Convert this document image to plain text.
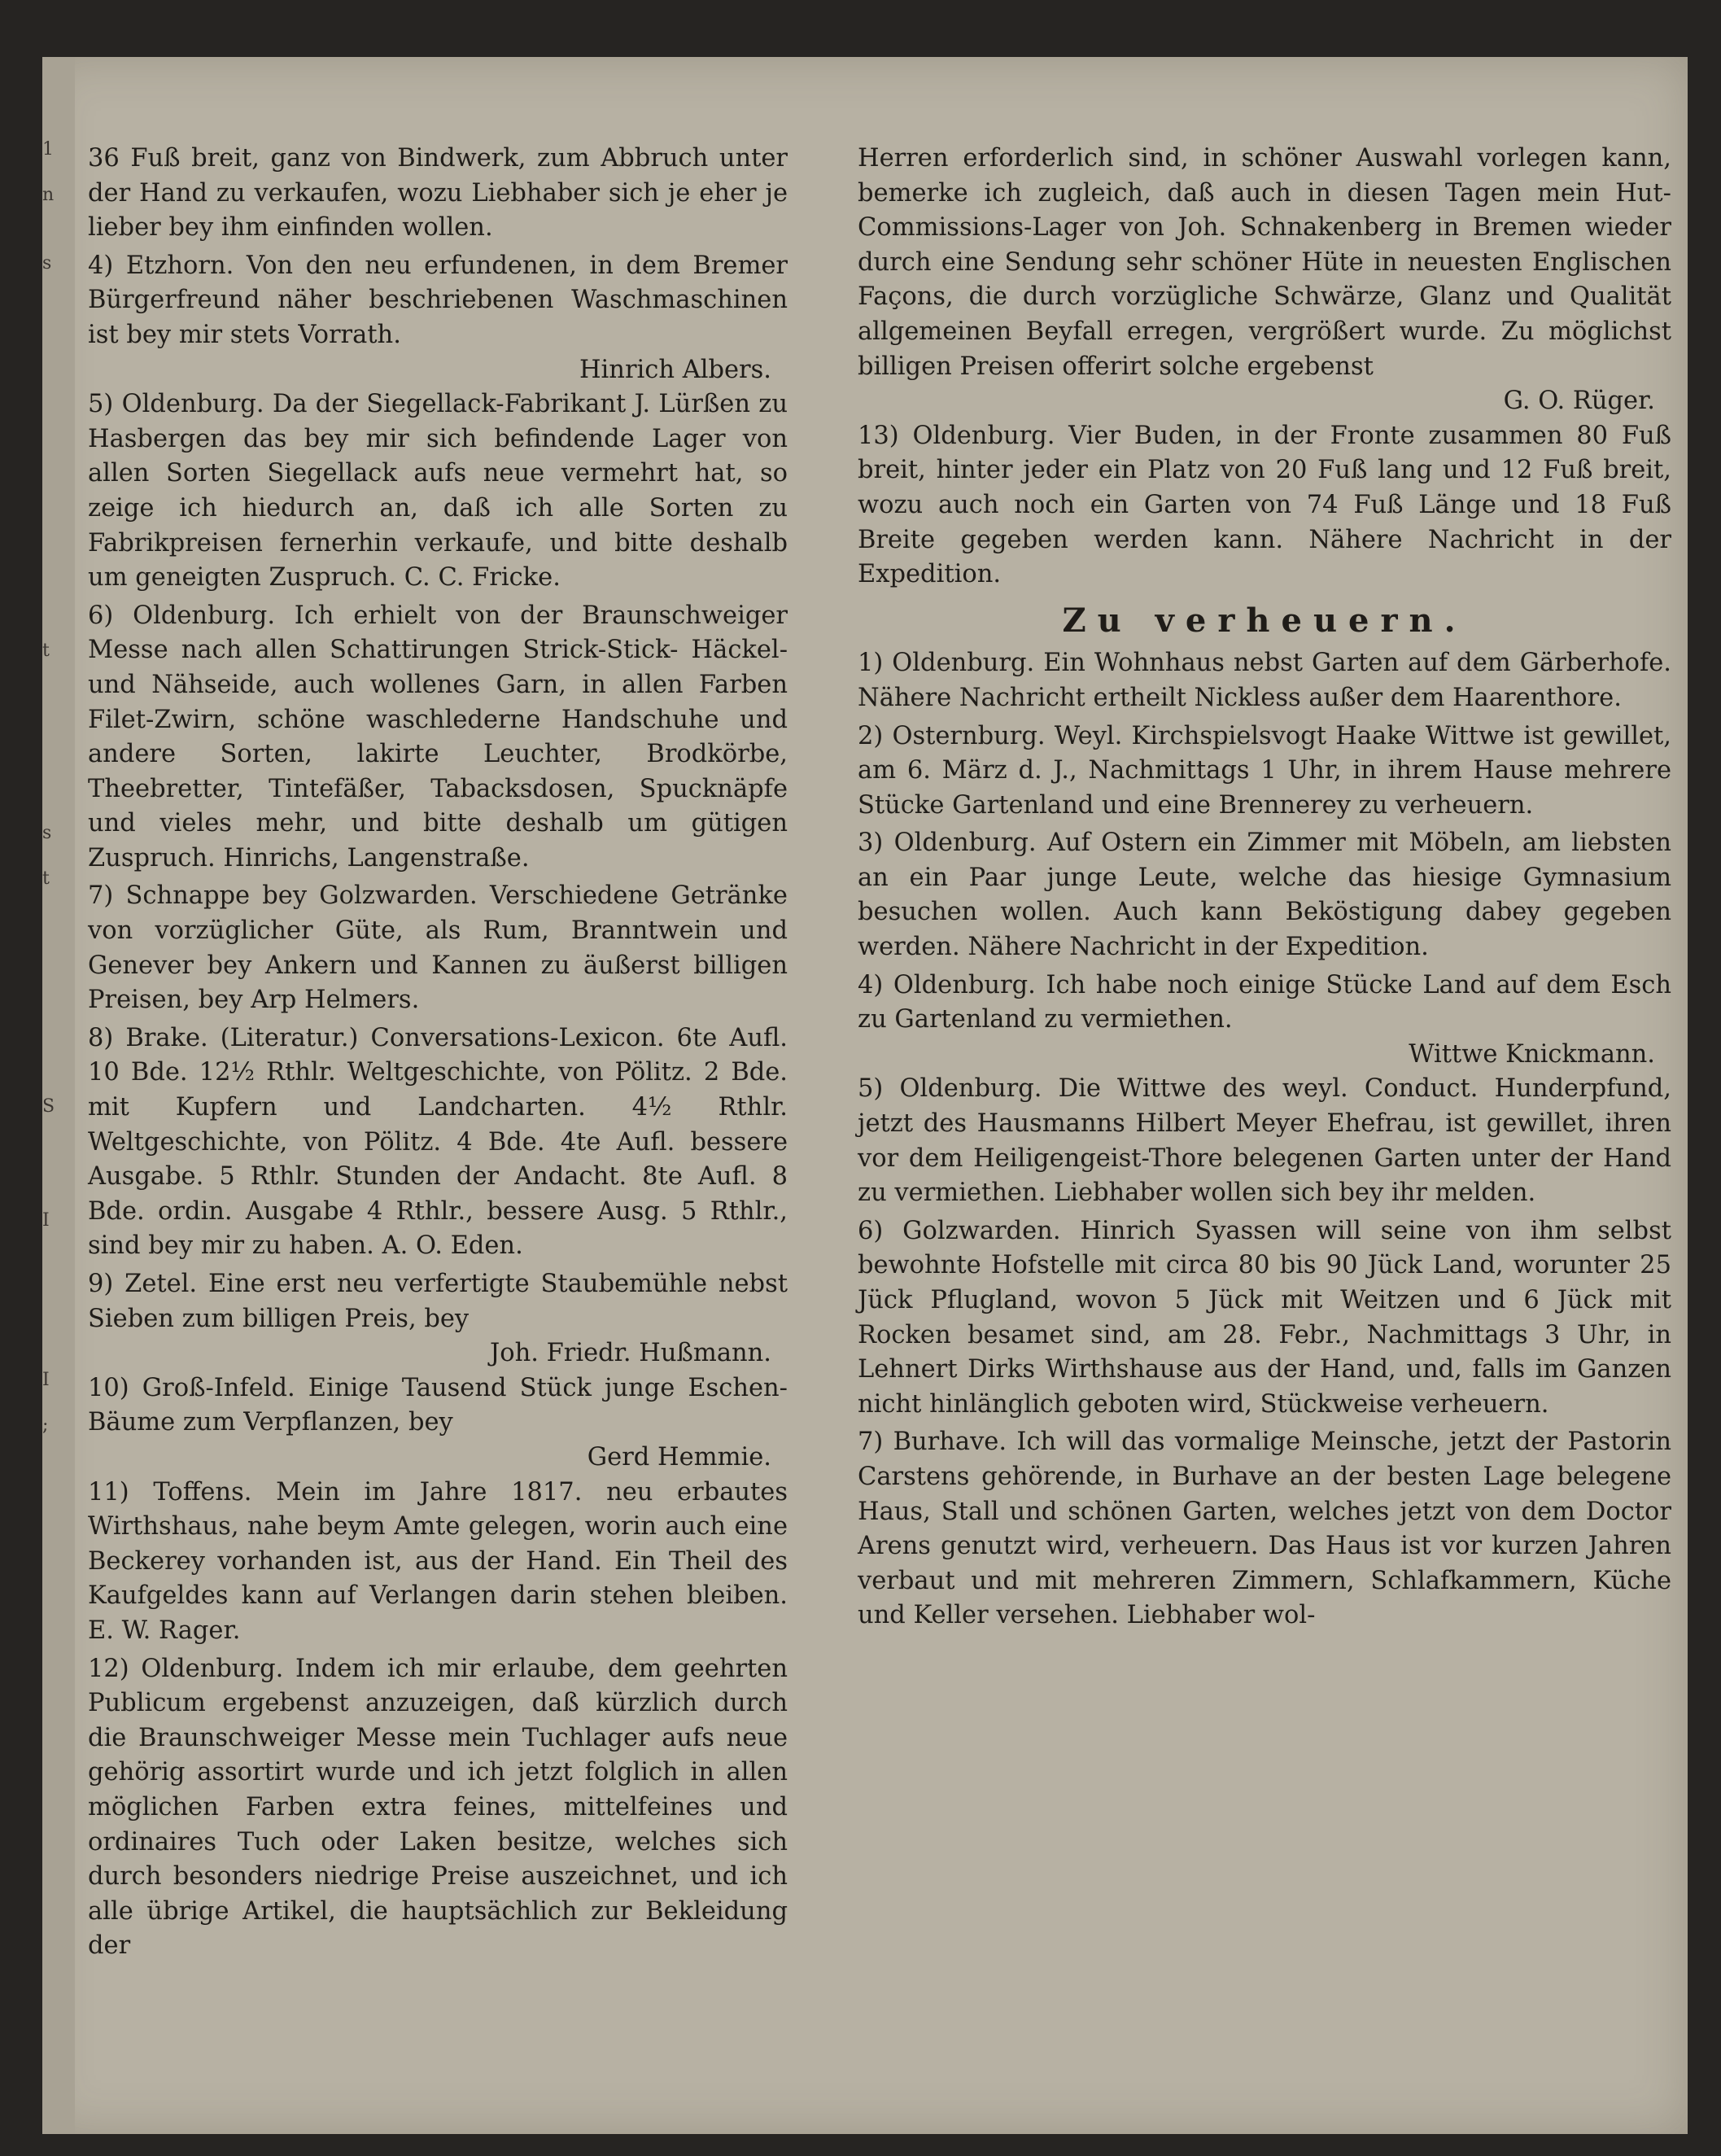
1

n

s

t

s

t

S

I

I

;

36 Fuß breit, ganz von Bindwerk, zum Abbruch unter der Hand zu verkaufen, wozu Liebhaber sich je eher je lieber bey ihm einfinden wollen.

4) Etzhorn. Von den neu erfundenen, in dem Bremer Bürgerfreund näher beschriebenen Waschmaschinen ist bey mir stets Vorrath.

Hinrich Albers.

5) Oldenburg. Da der Siegellack-Fabrikant J. Lürßen zu Hasbergen das bey mir sich befindende Lager von allen Sorten Siegellack aufs neue vermehrt hat, so zeige ich hiedurch an, daß ich alle Sorten zu Fabrikpreisen fernerhin verkaufe, und bitte deshalb um geneigten Zuspruch. C. C. Fricke.

6) Oldenburg. Ich erhielt von der Braunschweiger Messe nach allen Schattirungen Strick-Stick- Häckel- und Nähseide, auch wollenes Garn, in allen Farben Filet-Zwirn, schöne waschlederne Handschuhe und andere Sorten, lakirte Leuchter, Brodkörbe, Theebretter, Tintefäßer, Tabacksdosen, Spucknäpfe und vieles mehr, und bitte deshalb um gütigen Zuspruch. Hinrichs, Langenstraße.

7) Schnappe bey Golzwarden. Verschiedene Getränke von vorzüglicher Güte, als Rum, Branntwein und Genever bey Ankern und Kannen zu äußerst billigen Preisen, bey Arp Helmers.

8) Brake. (Literatur.) Conversations-Lexicon. 6te Aufl. 10 Bde. 12½ Rthlr. Weltgeschichte, von Pölitz. 2 Bde. mit Kupfern und Landcharten. 4½ Rthlr. Weltgeschichte, von Pölitz. 4 Bde. 4te Aufl. bessere Ausgabe. 5 Rthlr. Stunden der Andacht. 8te Aufl. 8 Bde. ordin. Ausgabe 4 Rthlr., bessere Ausg. 5 Rthlr., sind bey mir zu haben. A. O. Eden.

9) Zetel. Eine erst neu verfertigte Staubemühle nebst Sieben zum billigen Preis, bey

Joh. Friedr. Hußmann.

10) Groß-Infeld. Einige Tausend Stück junge Eschen-Bäume zum Verpflanzen, bey

Gerd Hemmie.

11) Toffens. Mein im Jahre 1817. neu erbautes Wirthshaus, nahe beym Amte gelegen, worin auch eine Beckerey vorhanden ist, aus der Hand. Ein Theil des Kaufgeldes kann auf Verlangen darin stehen bleiben. E. W. Rager.

12) Oldenburg. Indem ich mir erlaube, dem geehrten Publicum ergebenst anzuzeigen, daß kürzlich durch die Braunschweiger Messe mein Tuchlager aufs neue gehörig assortirt wurde und ich jetzt folglich in allen möglichen Farben extra feines, mittelfeines und ordinaires Tuch oder Laken besitze, welches sich durch besonders niedrige Preise auszeichnet, und ich alle übrige Artikel, die hauptsächlich zur Bekleidung der

Herren erforderlich sind, in schöner Auswahl vorlegen kann, bemerke ich zugleich, daß auch in diesen Tagen mein Hut-Commissions-Lager von Joh. Schnakenberg in Bremen wieder durch eine Sendung sehr schöner Hüte in neuesten Englischen Façons, die durch vorzügliche Schwärze, Glanz und Qualität allgemeinen Beyfall erregen, vergrößert wurde. Zu möglichst billigen Preisen offerirt solche ergebenst

G. O. Rüger.

13) Oldenburg. Vier Buden, in der Fronte zusammen 80 Fuß breit, hinter jeder ein Platz von 20 Fuß lang und 12 Fuß breit, wozu auch noch ein Garten von 74 Fuß Länge und 18 Fuß Breite gegeben werden kann. Nähere Nachricht in der Expedition.

Zu verheuern.

1) Oldenburg. Ein Wohnhaus nebst Garten auf dem Gärberhofe. Nähere Nachricht ertheilt Nickless außer dem Haarenthore.

2) Osternburg. Weyl. Kirchspielsvogt Haake Wittwe ist gewillet, am 6. März d. J., Nachmittags 1 Uhr, in ihrem Hause mehrere Stücke Gartenland und eine Brennerey zu verheuern.

3) Oldenburg. Auf Ostern ein Zimmer mit Möbeln, am liebsten an ein Paar junge Leute, welche das hiesige Gymnasium besuchen wollen. Auch kann Beköstigung dabey gegeben werden. Nähere Nachricht in der Expedition.

4) Oldenburg. Ich habe noch einige Stücke Land auf dem Esch zu Gartenland zu vermiethen.

Wittwe Knickmann.

5) Oldenburg. Die Wittwe des weyl. Conduct. Hunderpfund, jetzt des Hausmanns Hilbert Meyer Ehefrau, ist gewillet, ihren vor dem Heiligengeist-Thore belegenen Garten unter der Hand zu vermiethen. Liebhaber wollen sich bey ihr melden.

6) Golzwarden. Hinrich Syassen will seine von ihm selbst bewohnte Hofstelle mit circa 80 bis 90 Jück Land, worunter 25 Jück Pflugland, wovon 5 Jück mit Weitzen und 6 Jück mit Rocken besamet sind, am 28. Febr., Nachmittags 3 Uhr, in Lehnert Dirks Wirthshause aus der Hand, und, falls im Ganzen nicht hinlänglich geboten wird, Stückweise verheuern.

7) Burhave. Ich will das vormalige Meinsche, jetzt der Pastorin Carstens gehörende, in Burhave an der besten Lage belegene Haus, Stall und schönen Garten, welches jetzt von dem Doctor Arens genutzt wird, verheuern. Das Haus ist vor kurzen Jahren verbaut und mit mehreren Zimmern, Schlafkammern, Küche und Keller versehen. Liebhaber wol-
